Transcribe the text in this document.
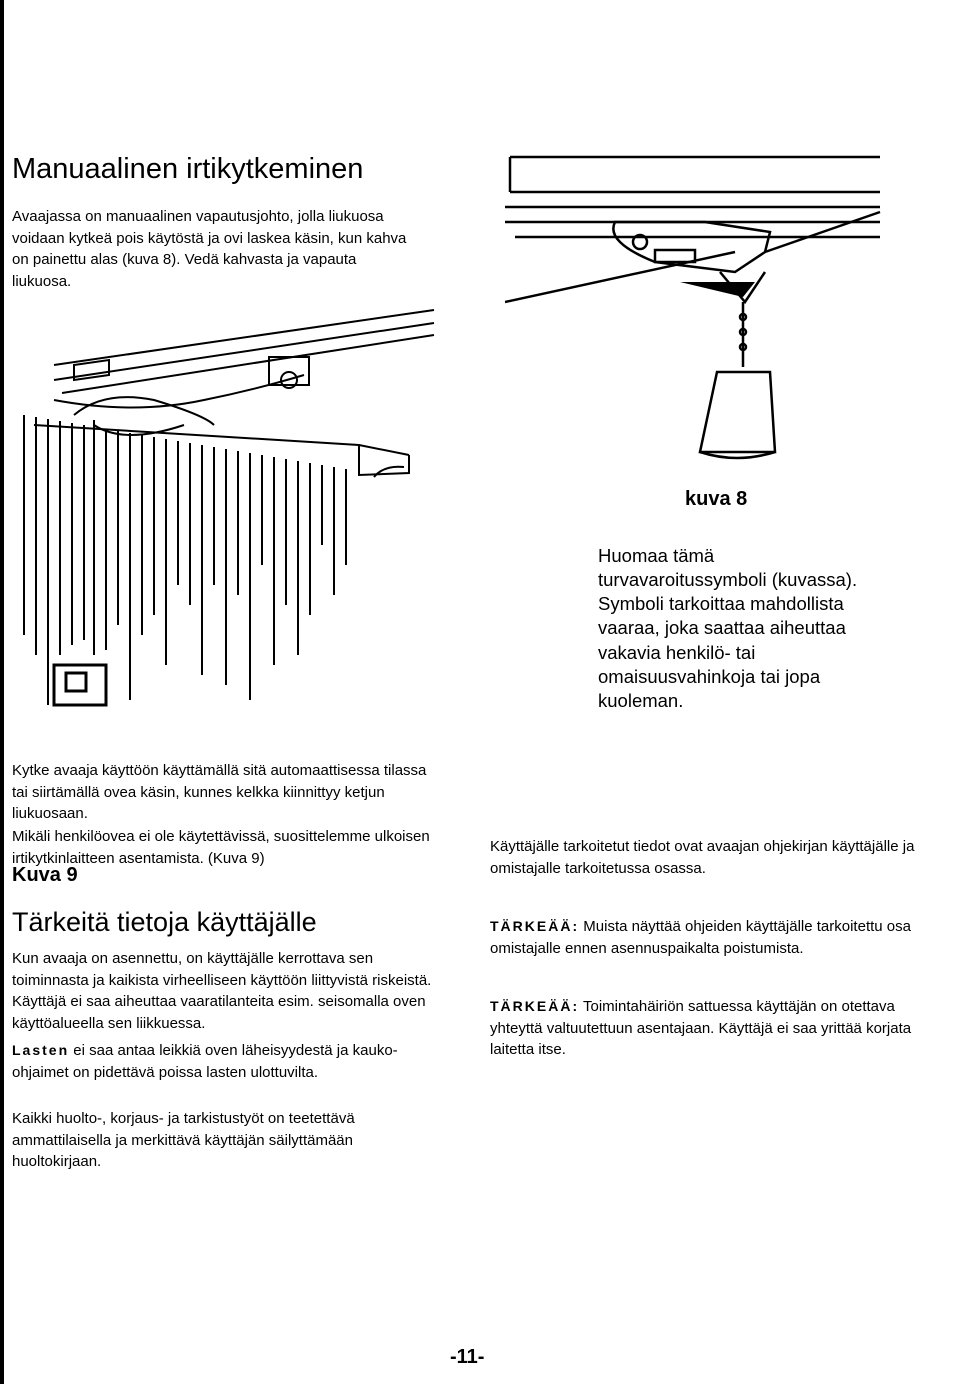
Manuaalinen irtikytkeminen

Avaajassa on manuaalinen vapautusjohto, jolla liukuosa voidaan kytkeä pois käytöstä ja ovi laskea käsin, kun kahva on painettu alas (kuva 8). Vedä kahvasta ja vapauta liukuosa.

kuva 8

Huomaa tämä turvavaroitussymboli (kuvassa). Symboli tarkoittaa mahdollista vaaraa, joka saattaa aiheuttaa vakavia henkilö- tai omaisuusvahinkoja tai jopa kuoleman.

Kytke avaaja käyttöön käyttämällä sitä automaattisessa tilassa tai siirtämällä ovea käsin, kunnes kelkka kiinnittyy ketjun liukuosaan.

Mikäli henkilöovea ei ole käytettävissä, suosittelemme ulkoisen irtikytkinlaitteen asentamista. (Kuva 9)

Kuva 9
Tärkeitä tietoja käyttäjälle

Kun avaaja on asennettu, on käyttäjälle kerrottava sen toiminnasta ja kaikista virheelliseen käyttöön liittyvistä riskeistä. Käyttäjä ei saa aiheuttaa vaaratilanteita esim. seisomalla oven käyttöalueella sen liikkuessa.

Lasten ei saa antaa leikkiä oven läheisyydestä ja kauko-ohjaimet on pidettävä poissa lasten ulottuvilta.

Kaikki huolto-, korjaus- ja tarkistustyöt on teetettävä ammattilaisella ja merkittävä käyttäjän säilyttämään huoltokirjaan.

Käyttäjälle tarkoitetut tiedot ovat avaajan ohjekirjan käyttäjälle ja omistajalle tarkoitetussa osassa.

TÄRKEÄÄ: Muista näyttää ohjeiden käyttäjälle tarkoitettu osa omistajalle ennen asennuspaikalta poistumista.

TÄRKEÄÄ: Toimintahäiriön sattuessa käyttäjän on otettava yhteyttä valtuutettuun asentajaan. Käyttäjä ei saa yrittää korjata laitetta itse.

-11-
